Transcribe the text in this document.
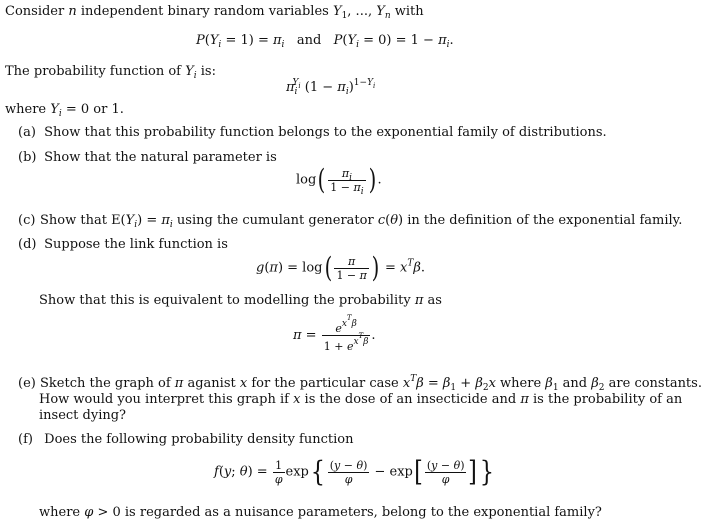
Consider n independent binary random variables $Y_1$, ..., $Y_n$ with
$P(Y_i = 1) = \pi_i$   and   $P(Y_i = 0) = 1 - \pi_i$.
The probability function of $Y_i$ is:
$\pi_i^{Y_i}$ $(1 - \pi_i)^{1-Y_i}$
where $Y_i = 0$ or 1.
(a) Show that this probability function belongs to the exponential family of distributions.
(b) Show that the natural parameter is
$\log( \frac{\pi_i}{1 - \pi_i}$ ) .
(c) Show that $E(Y_i) = \pi_i$ using the cumulant generator c(θ) in the definition of the exponential family.
(d) Suppose the link function is
$g(\pi) = \log( \frac{\pi}{1 - \pi}$ ) = $x^T\beta$.
Show that this is equivalent to modelling the probability π as
$\pi = \frac{e^{x^T\beta}}{1 + e^{x^T\beta}}$ .
(e) Sketch the graph of π aganist x for the particular case $x^T\beta = \beta_1 + \beta_2x$ where $\beta_1$ and $\beta_2$ are constants.
How would you interpret this graph if x is the dose of an insecticide and π is the probability of an
insect dying?
(f) Does the following probability density function
f(y; $\theta) = \frac{1}{\varphi} \exp\{ \frac{(y - \theta)}{\varphi} - \exp[ \frac{(y - \theta)}{\varphi}$ ] }
where φ > 0 is regarded as a nuisance parameters, belong to the exponential family?
